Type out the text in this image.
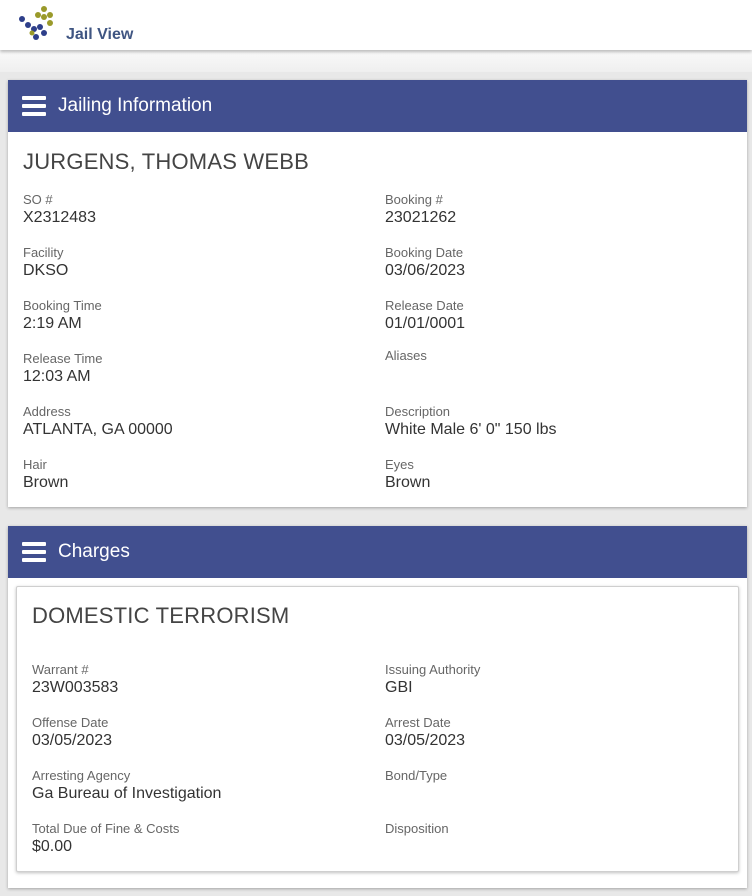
Jail View
Jailing Information
JURGENS, THOMAS WEBB
SO #
X2312483
Booking #
23021262
Facility
DKSO
Booking Date
03/06/2023
Booking Time
2:19 AM
Release Date
01/01/0001
Release Time
12:03 AM
Aliases
Address
ATLANTA, GA 00000
Description
White Male 6' 0" 150 lbs
Hair
Brown
Eyes
Brown
Charges
DOMESTIC TERRORISM
Warrant #
23W003583
Issuing Authority
GBI
Offense Date
03/05/2023
Arrest Date
03/05/2023
Arresting Agency
Ga Bureau of Investigation
Bond/Type
Total Due of Fine & Costs
$0.00
Disposition
